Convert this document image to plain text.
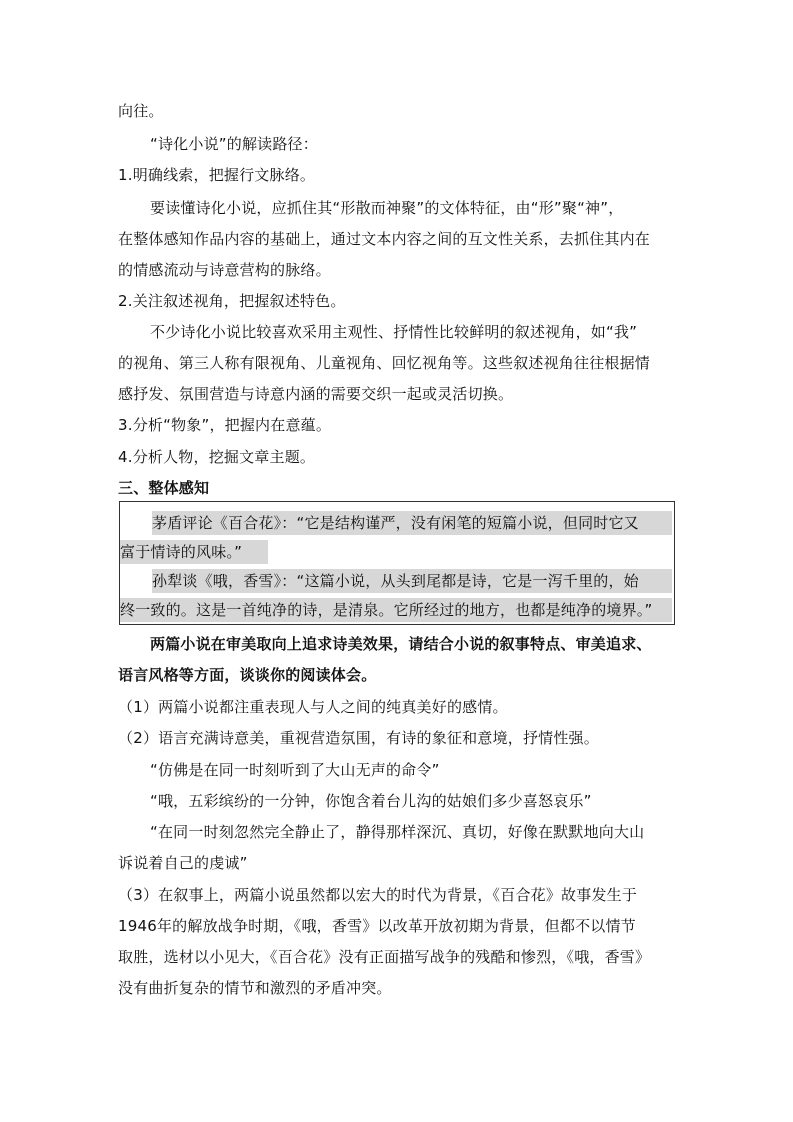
向往。
“诗化小说”的解读路径：
1.明确线索，把握行文脉络。
要读懂诗化小说，应抓住其“形散而神聚”的文体特征，由“形”聚“神”，
在整体感知作品内容的基础上，通过文本内容之间的互文性关系，去抓住其内在
的情感流动与诗意营构的脉络。
2.关注叙述视角，把握叙述特色。
不少诗化小说比较喜欢采用主观性、抒情性比较鲜明的叙述视角，如“我”
的视角、第三人称有限视角、儿童视角、回忆视角等。这些叙述视角往往根据情
感抒发、氛围营造与诗意内涵的需要交织一起或灵活切换。
3.分析“物象”，把握内在意蕴。
4.分析人物，挖掘文章主题。
三、整体感知
茅盾评论《百合花》：“它是结构谨严，没有闲笔的短篇小说，但同时它又
富于情诗的风味。”
孙犁谈《哦，香雪》：“这篇小说，从头到尾都是诗，它是一泻千里的，始
终一致的。这是一首纯净的诗，是清泉。它所经过的地方，也都是纯净的境界。”
两篇小说在审美取向上追求诗美效果，请结合小说的叙事特点、审美追求、
语言风格等方面，谈谈你的阅读体会。
（1）两篇小说都注重表现人与人之间的纯真美好的感情。
（2）语言充满诗意美，重视营造氛围，有诗的象征和意境，抒情性强。
“仿佛是在同一时刻听到了大山无声的命令”
“哦，五彩缤纷的一分钟，你饱含着台儿沟的姑娘们多少喜怒哀乐”
“在同一时刻忽然完全静止了，静得那样深沉、真切，好像在默默地向大山
诉说着自己的虔诚”
（3）在叙事上，两篇小说虽然都以宏大的时代为背景，《百合花》故事发生于
1946年的解放战争时期，《哦，香雪》以改革开放初期为背景，但都不以情节
取胜，选材以小见大，《百合花》没有正面描写战争的残酷和惨烈，《哦，香雪》
没有曲折复杂的情节和激烈的矛盾冲突。
